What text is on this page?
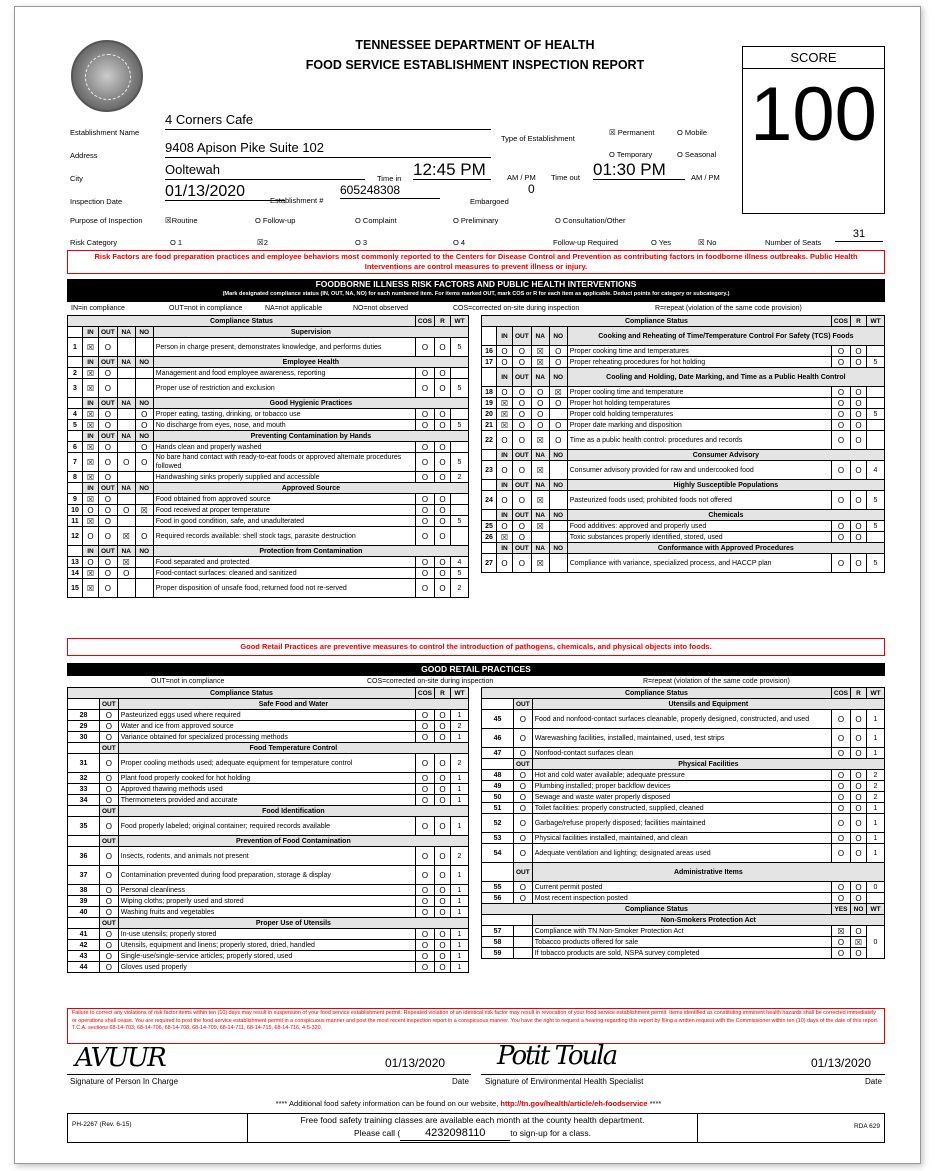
TENNESSEE DEPARTMENT OF HEALTH
FOOD SERVICE ESTABLISHMENT INSPECTION REPORT	SCORE
100
Establishment Name
4 Corners Cafe
Address
9408 Apison Pike Suite 102
City
Ooltewah
Inspection Date
01/13/2020
Establishment #
605248308
Embargoed
0
Type of Establishment
☒ Permanent	O Mobile
O Temporary	O Seasonal
Time in 12:45 PM	AM / PM Time out 01:30 PM	AM / PM
Purpose of Inspection	☒Routine	O Follow-up	O Complaint	O Preliminary	O Consultation/Other
Risk Category	O 1	☒2	O 3	O 4	Follow-up Required	O Yes	☒ No	Number of Seats
31
Risk Factors are food preparation practices and employee behaviors most commonly reported to the Centers for Disease Control and Prevention as contributing factors in foodborne illness outbreaks. Public Health Interventions are control measures to prevent illness or injury.
FOODBORNE ILLNESS RISK FACTORS AND PUBLIC HEALTH INTERVENTIONS
(Mark designated compliance status (IN, OUT, NA, NO) for each numbered item. For items marked OUT, mark COS or R for each item as applicable. Deduct points for category or subcategory.)
IN=in compliance	OUT=not in compliance	NA=not applicable	NO=not observed	COS=corrected on-site during inspection	R=repeat (violation of the same code provision)
Compliance Status						COS	R	WT
	IN	OUT	NA	NO	Supervision			
1	☒	O			Person in charge present, demonstrates knowledge, and performs duties	O	O	5
	IN	OUT	NA	NO	Employee Health			
2	☒	O			Management and food employee awareness, reporting	O	O	
3	☒	O			Proper use of restriction and exclusion	O	O	5
	IN	OUT	NA	NO	Good Hygienic Practices			
4	☒	O		O	Proper eating, tasting, drinking, or tobacco use	O	O	
5	☒	O		O	No discharge from eyes, nose, and mouth	O	O	5
	IN	OUT	NA	NO	Preventing Contamination by Hands			
6	☒	O		O	Hands clean and properly washed	O	O	
7	☒	O	O	O	No bare hand contact with ready-to-eat foods or approved alternate procedures followed	O	O	5
8	☒	O			Handwashing sinks properly supplied and accessible	O	O	2
	IN	OUT	NA	NO	Approved Source			
9	☒	O			Food obtained from approved source	O	O	
10	O	O	O	☒	Food received at proper temperature	O	O	
11	☒	O			Food in good condition, safe, and unadulterated	O	O	5
12	O	O	☒	O	Required records available: shell stock tags, parasite destruction	O	O	
	IN	OUT	NA	NO	Protection from Contamination			
13	O	O	☒		Food separated and protected	O	O	4
14	☒	O	O		Food-contact surfaces: cleaned and sanitized	O	O	5
15	☒	O			Proper disposition of unsafe food, returned food not re-served	O	O	2
Compliance Status						COS	R	WT
	IN	OUT	NA	NO	Cooking and Reheating of Time/Temperature Control For Safety (TCS) Foods			
16	O	O	☒	O	Proper cooking time and temperatures	O	O	
17	O	O	☒	O	Proper reheating procedures for hot holding	O	O	5
	IN	OUT	NA	NO	Cooling and Holding, Date Marking, and Time as a Public Health Control			
18	O	O	O	☒	Proper cooling time and temperature	O	O	
19	☒	O	O	O	Proper hot holding temperatures	O	O	
20	☒	O	O		Proper cold holding temperatures	O	O	5
21	☒	O	O	O	Proper date marking and disposition	O	O	
22	O	O	☒	O	Time as a public health control: procedures and records	O	O	
	IN	OUT	NA	NO	Consumer Advisory			
23	O	O	☒		Consumer advisory provided for raw and undercooked food	O	O	4
	IN	OUT	NA	NO	Highly Susceptible Populations			
24	O	O	☒		Pasteurized foods used; prohibited foods not offered	O	O	5
	IN	OUT	NA	NO	Chemicals			
25	O	O	☒		Food additives: approved and properly used	O	O	5
26	☒	O			Toxic substances properly identified, stored, used	O	O	
	IN	OUT	NA	NO	Conformance with Approved Procedures			
27	O	O	☒		Compliance with variance, specialized process, and HACCP plan	O	O	5
Good Retail Practices are preventive measures to control the introduction of pathogens, chemicals, and physical objects into foods.
GOOD RETAIL PRACTICES
OUT=not in compliance	COS=corrected on-site during inspection	R=repeat (violation of the same code provision)
Compliance Status			COS	R	WT
	OUT	Safe Food and Water			
28	O	Pasteurized eggs used where required	O	O	1
29	O	Water and ice from approved source	O	O	2
30	O	Variance obtained for specialized processing methods	O	O	1
	OUT	Food Temperature Control			
31	O	Proper cooling methods used; adequate equipment for temperature control	O	O	2
32	O	Plant food properly cooked for hot holding	O	O	1
33	O	Approved thawing methods used	O	O	1
34	O	Thermometers provided and accurate	O	O	1
	OUT	Food Identification			
35	O	Food properly labeled; original container; required records available	O	O	1
	OUT	Prevention of Food Contamination			
36	O	Insects, rodents, and animals not present	O	O	2
37	O	Contamination prevented during food preparation, storage & display	O	O	1
38	O	Personal cleanliness	O	O	1
39	O	Wiping cloths; properly used and stored	O	O	1
40	O	Washing fruits and vegetables	O	O	1
	OUT	Proper Use of Utensils			
41	O	In-use utensils; properly stored	O	O	1
42	O	Utensils, equipment and linens; properly stored, dried, handled	O	O	1
43	O	Single-use/single-service articles; properly stored, used	O	O	1
44	O	Gloves used properly	O	O	1
Compliance Status			COS	R	WT
	OUT	Utensils and Equipment			
45	O	Food and nonfood-contact surfaces cleanable, properly designed, constructed, and used	O	O	1
46	O	Warewashing facilities, installed, maintained, used, test strips	O	O	1
47	O	Nonfood-contact surfaces clean	O	O	1
	OUT	Physical Facilities			
48	O	Hot and cold water available; adequate pressure	O	O	2
49	O	Plumbing installed; proper backflow devices	O	O	2
50	O	Sewage and waste water properly disposed	O	O	2
51	O	Toilet facilities: properly constructed, supplied, cleaned	O	O	1
52	O	Garbage/refuse properly disposed; facilities maintained	O	O	1
53	O	Physical facilities installed, maintained, and clean	O	O	1
54	O	Adequate ventilation and lighting; designated areas used	O	O	1
	OUT	Administrative Items			
55	O	Current permit posted	O	O	0
56	O	Most recent inspection posted	O	O	
Compliance Status			YES	NO	WT
		Non-Smokers Protection Act			
57		Compliance with TN Non-Smoker Protection Act	☒	O	0
58		Tobacco products offered for sale	O	☒	
59		If tobacco products are sold, NSPA survey completed	O	O	
Failure to correct any violations of risk factor items within ten (10) days may result in suspension of your food service establishment permit. Repeated violation of an identical risk factor may result in revocation of your food service establishment permit. Items identified as constituting imminent health hazards shall be corrected immediately or operations shall cease. You are required to post the food service establishment permit in a conspicuous manner and post the most recent inspection report in a conspicuous manner. You have the right to request a hearing regarding this report by filing a written request with the Commissioner within ten (10) days of the date of this report. T.C.A. sections 68-14-703, 68-14-706, 68-14-708, 68-14-709, 68-14-711, 68-14-715, 68-14-716, 4-5-320.
AVUUR	01/13/2020
Signature of Person In Charge	Date
Potit Toula	01/13/2020
Signature of Environmental Health Specialist	Date
**** Additional food safety information can be found on our website, http://tn.gov/health/article/eh-foodservice ****
PH-2267 (Rev. 6-15)	Free food safety training classes are available each month at the county health department.
Please call ( 4232098110	to sign-up for a class.
RDA 629
